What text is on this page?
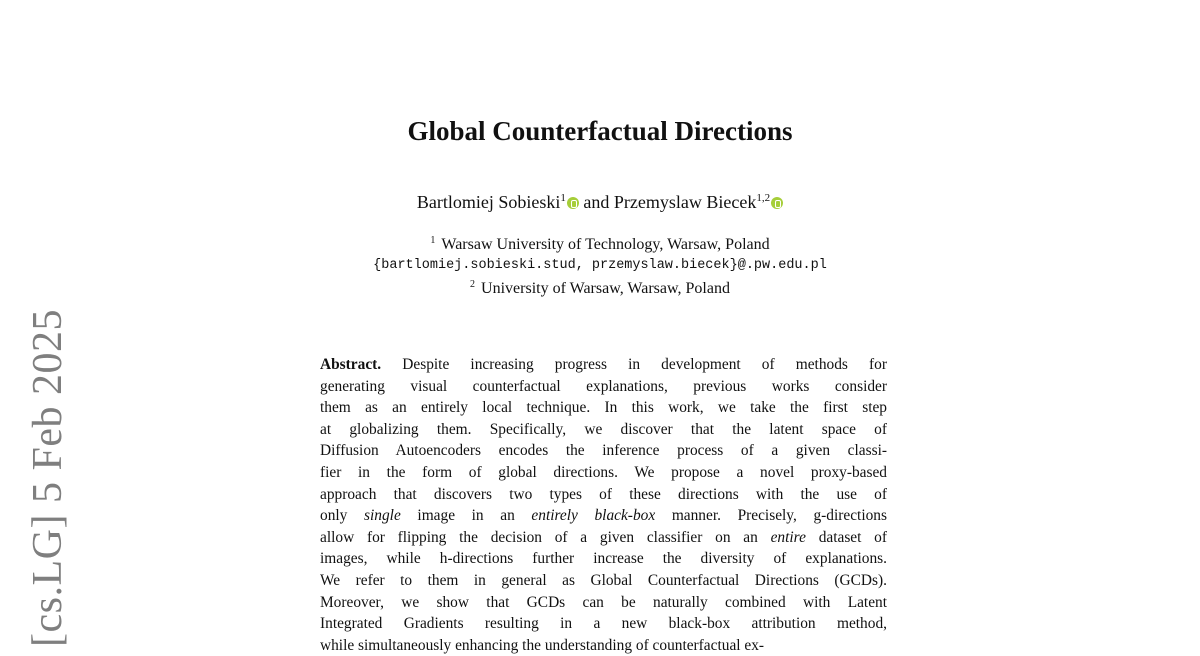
[cs.LG] 5 Feb 2025
Global Counterfactual Directions
Bartlomiej Sobieski$^1$ and Przemyslaw Biecek$^{1,2}$
$^1$ Warsaw University of Technology, Warsaw, Poland
{bartlomiej.sobieski.stud, przemyslaw.biecek}@.pw.edu.pl
$^2$ University of Warsaw, Warsaw, Poland
Abstract. Despite increasing progress in development of methods for
generating visual counterfactual explanations, previous works consider
them as an entirely local technique. In this work, we take the first step
at globalizing them. Specifically, we discover that the latent space of
Diffusion Autoencoders encodes the inference process of a given classi-
fier in the form of global directions. We propose a novel proxy-based
approach that discovers two types of these directions with the use of
only single image in an entirely black-box manner. Precisely, g-directions
allow for flipping the decision of a given classifier on an entire dataset of
images, while h-directions further increase the diversity of explanations.
We refer to them in general as Global Counterfactual Directions (GCDs).
Moreover, we show that GCDs can be naturally combined with Latent
Integrated Gradients resulting in a new black-box attribution method,
while simultaneously enhancing the understanding of counterfactual ex-
